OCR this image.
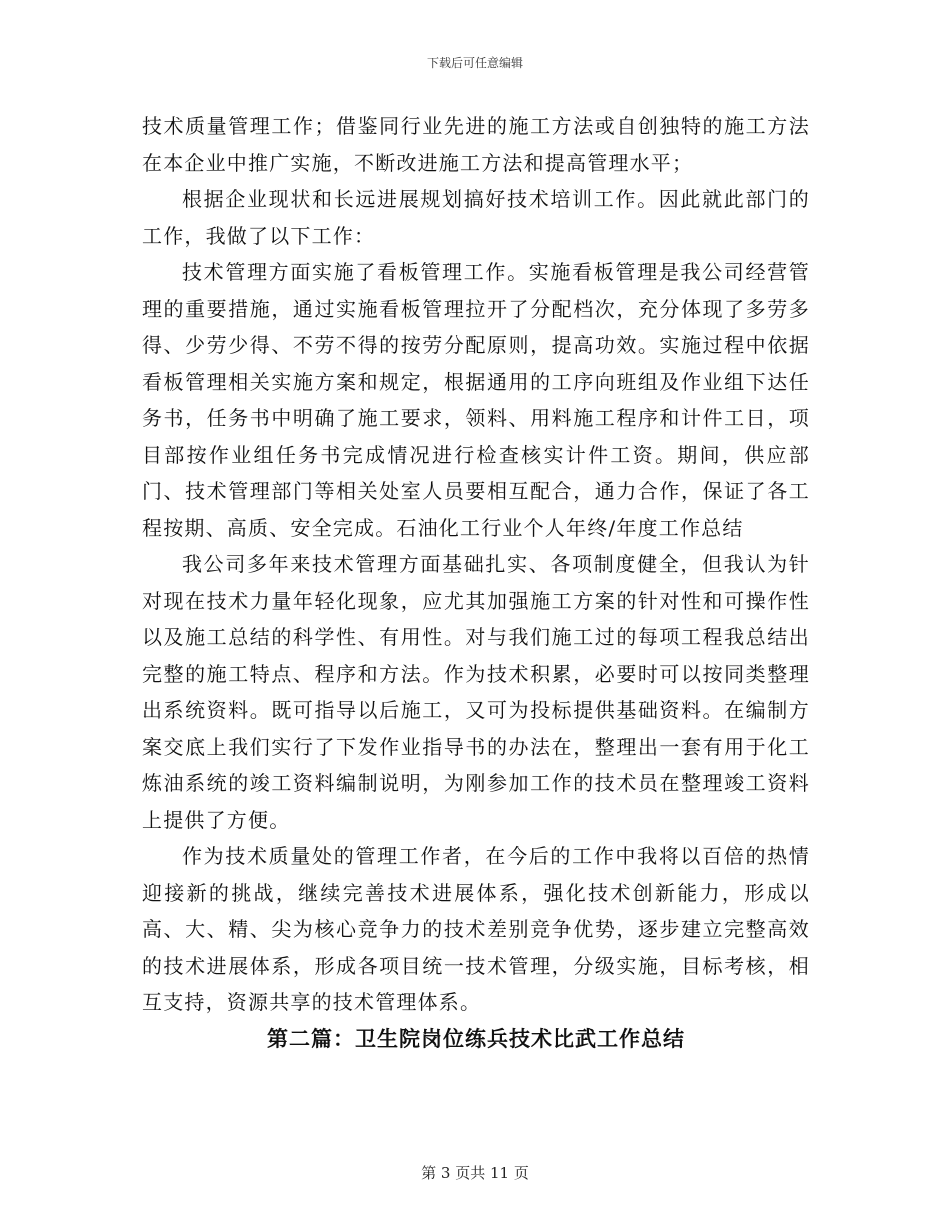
下载后可任意编辑

技术质量管理工作；借鉴同行业先进的施工方法或自创独特的施工方法在本企业中推广实施，不断改进施工方法和提高管理水平；

根据企业现状和长远进展规划搞好技术培训工作。因此就此部门的工作，我做了以下工作：

技术管理方面实施了看板管理工作。实施看板管理是我公司经营管理的重要措施，通过实施看板管理拉开了分配档次，充分体现了多劳多得、少劳少得、不劳不得的按劳分配原则，提高功效。实施过程中依据看板管理相关实施方案和规定，根据通用的工序向班组及作业组下达任务书，任务书中明确了施工要求，领料、用料施工程序和计件工日，项目部按作业组任务书完成情况进行检查核实计件工资。期间，供应部门、技术管理部门等相关处室人员要相互配合，通力合作，保证了各工程按期、高质、安全完成。石油化工行业个人年终/年度工作总结

我公司多年来技术管理方面基础扎实、各项制度健全，但我认为针对现在技术力量年轻化现象，应尤其加强施工方案的针对性和可操作性以及施工总结的科学性、有用性。对与我们施工过的每项工程我总结出完整的施工特点、程序和方法。作为技术积累，必要时可以按同类整理出系统资料。既可指导以后施工，又可为投标提供基础资料。在编制方案交底上我们实行了下发作业指导书的办法在，整理出一套有用于化工炼油系统的竣工资料编制说明，为刚参加工作的技术员在整理竣工资料上提供了方便。

作为技术质量处的管理工作者，在今后的工作中我将以百倍的热情迎接新的挑战，继续完善技术进展体系，强化技术创新能力，形成以高、大、精、尖为核心竞争力的技术差别竞争优势，逐步建立完整高效的技术进展体系，形成各项目统一技术管理，分级实施，目标考核，相互支持，资源共享的技术管理体系。

第二篇：卫生院岗位练兵技术比武工作总结
第 3 页共 11 页
